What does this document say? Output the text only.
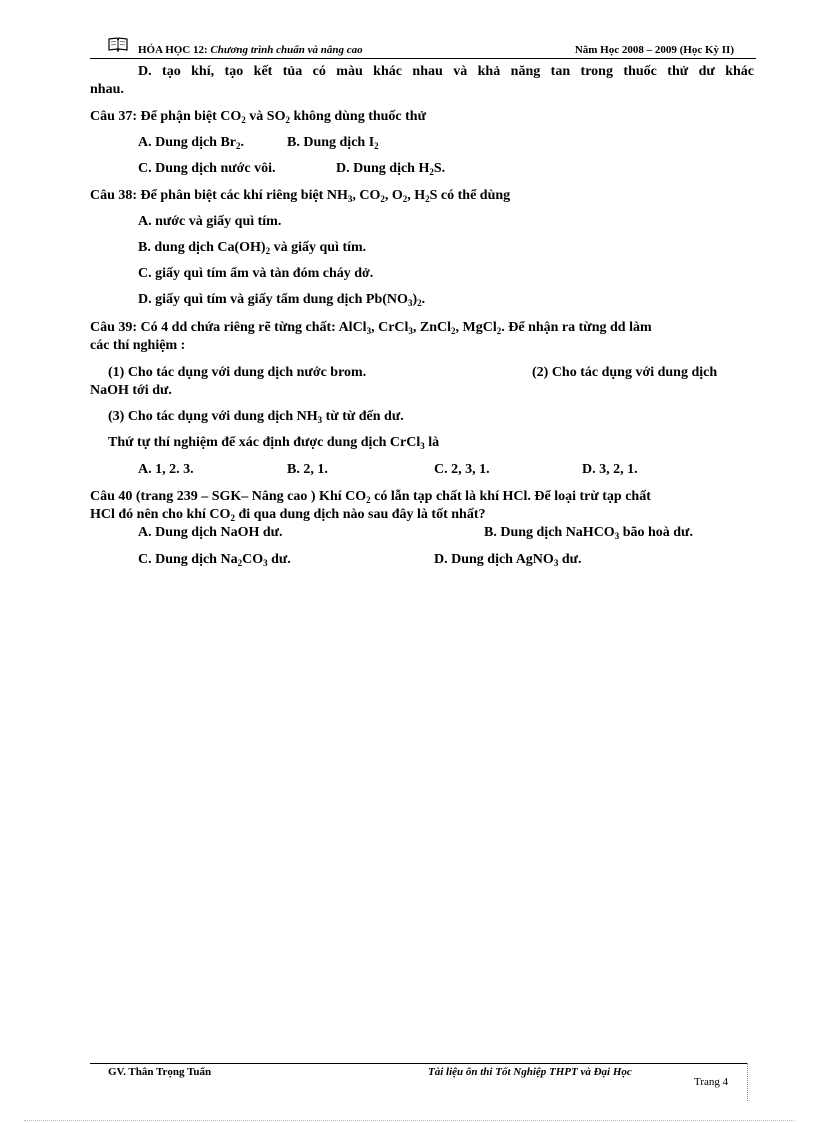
HÓA HỌC 12: Chương trình chuẩn và nâng cao	Năm Học 2008 – 2009 (Học Kỳ II)
D. tạo khí, tạo kết tủa có màu khác nhau và khả năng tan trong thuốc thử dư khác
nhau.
Câu 37: Để phận biệt $CO_2$ và $SO_2$ không dùng thuốc thử
A. Dung dịch $Br_2$.	B. Dung dịch $I_2$
C. Dung dịch nước vôi.	D. Dung dịch $H_2S$.
Câu 38: Để phân biệt các khí riêng biệt $NH_3$, $CO_2$, $O_2$, $H_2S$ có thể dùng
A. nước và giấy quì tím.
B. dung dịch $Ca(OH)_2$ và giấy quì tím.
C. giấy quì tím ẩm và tàn đóm cháy dở.
D. giấy quì tím và giấy tẩm dung dịch $Pb(NO_3)_2$.
Câu 39: Có 4 dd chứa riêng rẽ từng chất: AlCl$_3$, CrCl$_3$, ZnCl$_2$, MgCl$_2$. Để nhận ra từng dd làm
các thí nghiệm :
(1) Cho tác dụng với dung dịch nước brom.	(2) Cho tác dụng với dung dịch
NaOH tới dư.
(3) Cho tác dụng với dung dịch $NH_3$ từ từ đến dư.
Thứ tự thí nghiệm để xác định được dung dịch CrCl$_3$ là
A. 1, 2. 3.	B. 2, 1.	C. 2, 3, 1.	D. 3, 2, 1.
Câu 40 (trang 239 – SGK– Nâng cao ) Khí $CO_2$ có lẫn tạp chất là khí HCl. Để loại trừ tạp chất
HCl đó nên cho khí $CO_2$ đi qua dung dịch nào sau đây là tốt nhất?
A. Dung dịch NaOH dư.	B. Dung dịch NaHCO$_3$ bão hoà dư.
C. Dung dịch $Na_2CO_3$ dư.	D. Dung dịch AgNO$_3$ dư.
GV. Thân Trọng Tuấn	Tài liệu ôn thi Tốt Nghiệp THPT và Đại Học
Trang 4
